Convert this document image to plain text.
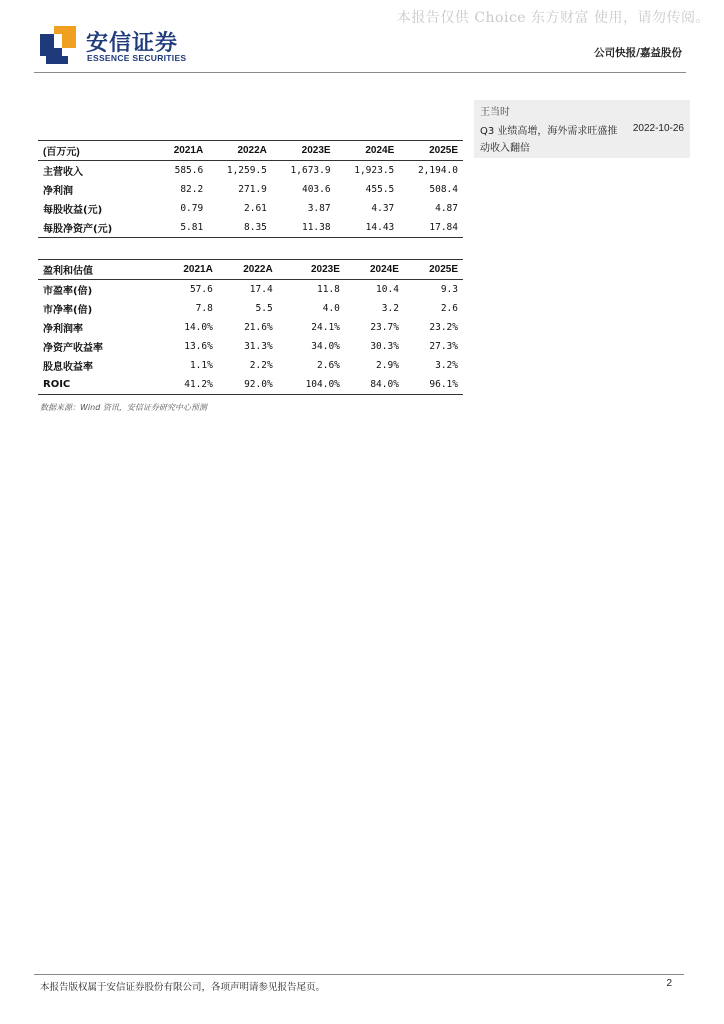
本报告仅供 Choice 东方财富 使用，请勿传阅。
安信证券
ESSENCE SECURITIES	公司快报/嘉益股份
王当时
Q3 业绩高增，海外需求旺盛推动收入翻倍
2022-10-26
(百万元)	2021A	2022A	2023E	2024E	2025E
主营收入	585.6	1,259.5	1,673.9	1,923.5	2,194.0
净利润	82.2	271.9	403.6	455.5	508.4
每股收益(元)	0.79	2.61	3.87	4.37	4.87
每股净资产(元)	5.81	8.35	11.38	14.43	17.84
盈利和估值	2021A	2022A	2023E	2024E	2025E
市盈率(倍)	57.6	17.4	11.8	10.4	9.3
市净率(倍)	7.8	5.5	4.0	3.2	2.6
净利润率	14.0%	21.6%	24.1%	23.7%	23.2%
净资产收益率	13.6%	31.3%	34.0%	30.3%	27.3%
股息收益率	1.1%	2.2%	2.6%	2.9%	3.2%
ROIC	41.2%	92.0%	104.0%	84.0%	96.1%
数据来源：Wind 资讯，安信证券研究中心预测
本报告版权属于安信证券股份有限公司，各项声明请参见报告尾页。	2
